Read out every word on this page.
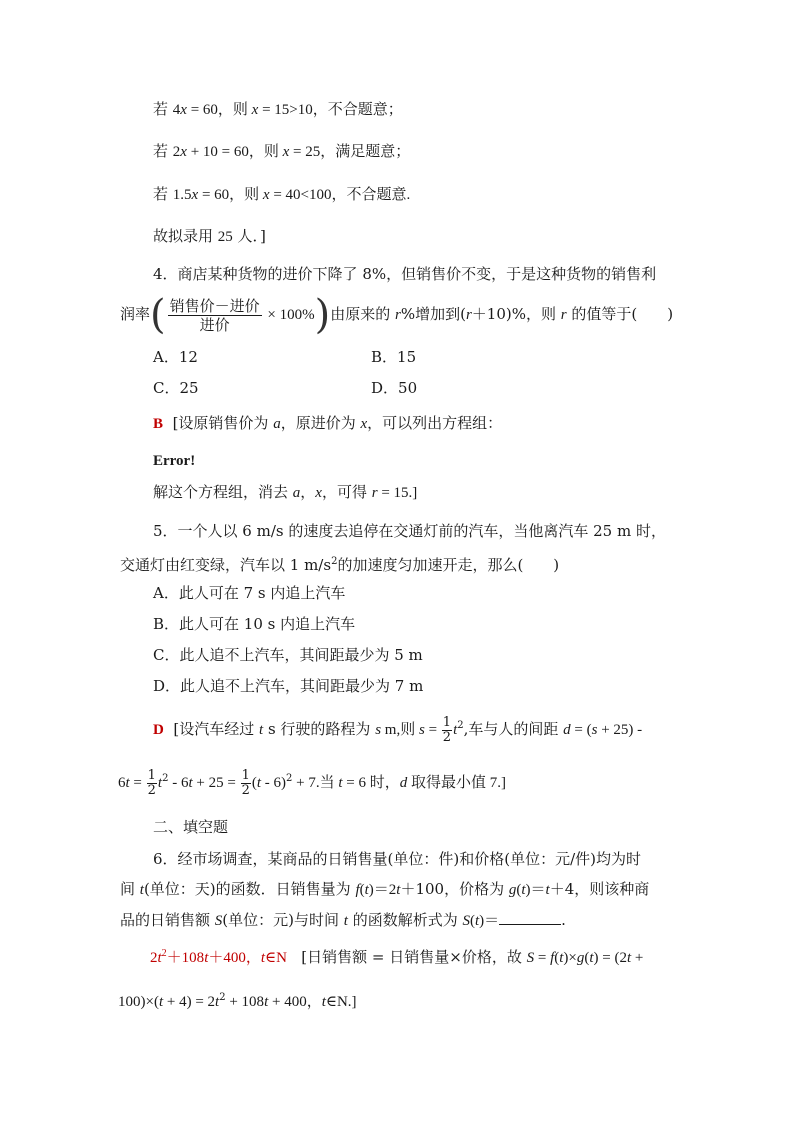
若 4x = 60，则 x = 15>10，不合题意；
若 2x + 10 = 60，则 x = 25，满足题意；
若 1.5x = 60，则 x = 40<100，不合题意.
故拟录用 25 人．]
4．商店某种货物的进价下降了 8%，但销售价不变，于是这种货物的销售利
润率( $\frac{\text{销售价－进价}}{\text{进价}} \times 100\%$)由原来的 r%增加到(r＋10)%，则 r 的值等于(　　)
A．12	B．15
C．25	D．50
B [设原销售价为 a，原进价为 x，可以列出方程组：
Error!
解这个方程组，消去 a，x，可得 r = 15.]
5．一个人以 6 m/s 的速度去追停在交通灯前的汽车，当他离汽车 25 m 时，
交通灯由红变绿，汽车以 1 $m/s^2$的加速度匀加速开走，那么(　　)
A．此人可在 7 s 内追上汽车
B．此人可在 10 s 内追上汽车
C．此人追不上汽车，其间距最少为 5 m
D．此人追不上汽车，其间距最少为 7 m
D [设汽车经过 t s 行驶的路程为 s m,则 $s = \frac{1}{2} t^2$,车与人的间距 d = (s + 25) -
$6t = \frac{1}{2} t^2 - 6t + 25 = \frac{1}{2} (t - 6)^2 + 7$.当 t = 6 时，d 取得最小值 7.]
二、填空题
6．经市场调查，某商品的日销售量(单位：件)和价格(单位：元/件)均为时
间 t(单位：天)的函数．日销售量为 f(t)＝2t＋100，价格为 g(t)＝t＋4，则该种商
品的日销售额 S(单位：元)与时间 t 的函数解析式为 S(t)＝	.
$2t^2+108t+400$，t∈N [日销售额 = 日销售量×价格，故 S = f(t)×g(t) = (2t +
$100)\times(t + 4) = 2t^2 + 108t + 400$，t∈N.]
